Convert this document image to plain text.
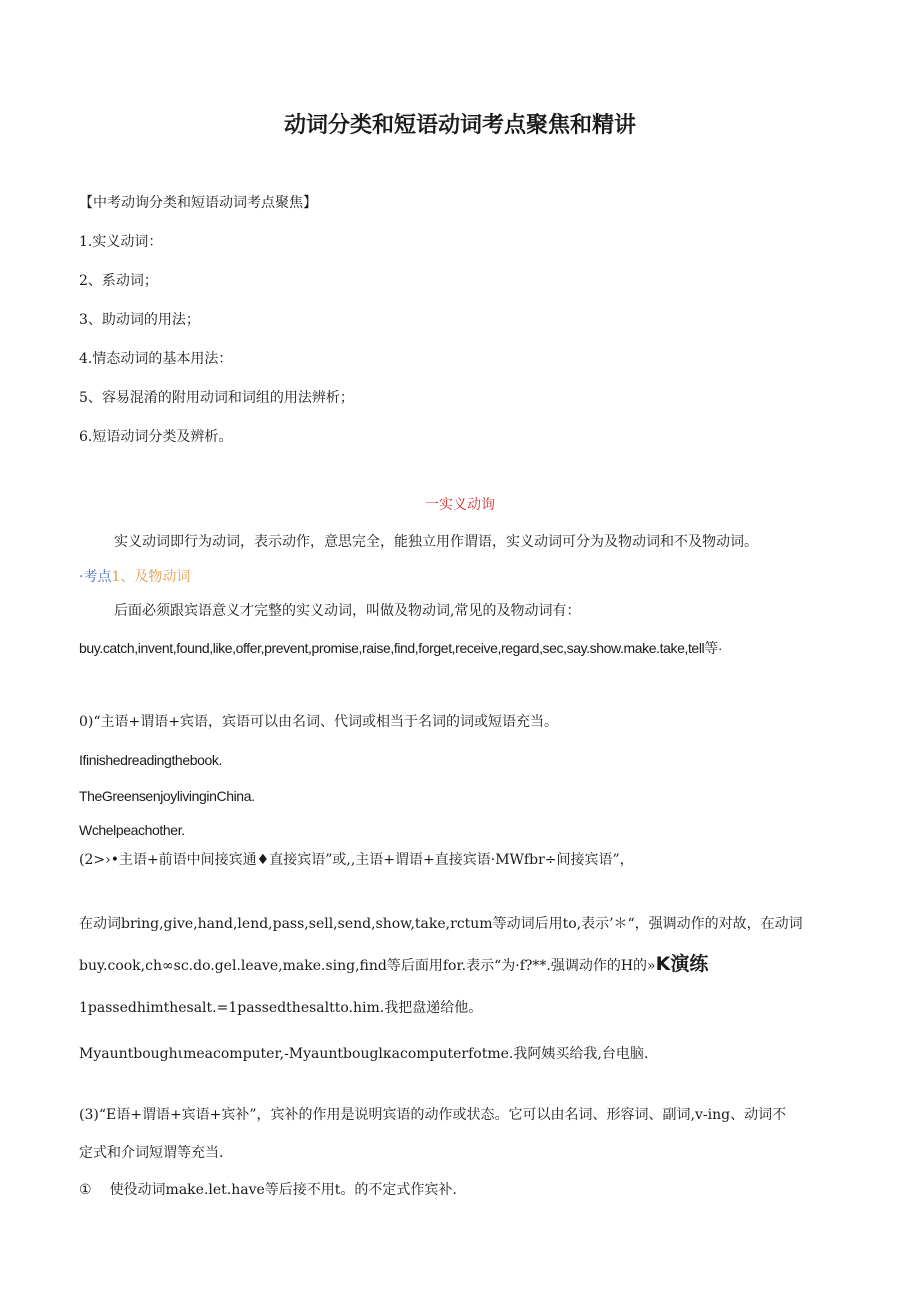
动词分类和短语动词考点聚焦和精讲
【中考动询分类和短语动词考点聚焦】
1.实义动词：
2、系动词；
3、助动词的用法；
4.情态动词的基本用法：
5、容易混淆的附用动词和词组的用法辨析；
6.短语动词分类及辨析。
一实义动询
实义动词即行为动词，表示动作，意思完全，能独立用作谓语，实义动词可分为及物动词和不及物动词。
·考点1、及物动词
后面必须跟宾语意义才完整的实义动词，叫做及物动词,常见的及物动词有：
buy.catch,invent,found,like,offer,prevent,promise,raise,find,forget,receive,regard,sec,say.show.make.take,tell等·
0)“主语+谓语+宾语，宾语可以由名词、代词或相当于名词的词或短语充当。
Ifinishedreadingthebook.
TheGreensenjoylivinginChina.
Wchelpeachother.
(2>›•主语+前语中间接宾通♦直接宾语”或,,主语+谓语+直接宾语·MWfbr÷间接宾语”，
在动词bring,give,hand,lend,pass,sell,send,show,take,rctum等动词后用to,表示’＊“，强调动作的对故，在动词
buy.cook,ch∞sc.do.gel.leave,make.sing,find等后面用for.表示“为·f?**.强调动作的H的»K演练
1passedhimthesalt.=1passedthesaltto.him.我把盘递给他。
Myauntboughιmeacomputer,-Myauntbouglкacomputerfotme.我阿姨买给我,台电脑.
(3)“E语+谓语+宾语+宾补”，宾补的作用是说明宾语的动作或状态。它可以由名词、形容词、副词,v-ing、动词不
定式和介词短谓等充当.
① 使役动词make.let.have等后接不用t。的不定式作宾补.
